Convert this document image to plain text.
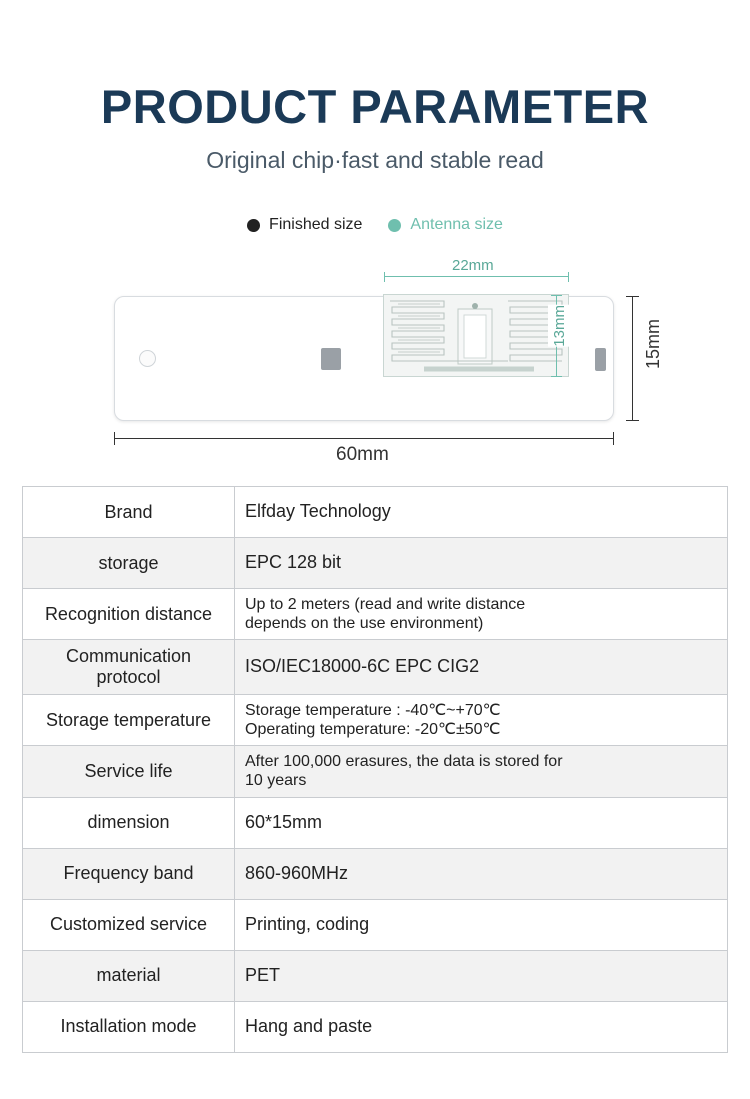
PRODUCT PARAMETER

Original chip·fast and stable read

Finished size	Antenna size
22mm
13mm	15mm
60mm
Brand	Elfday Technology
storage	EPC 128 bit
Recognition distance	Up to 2 meters (read and write distance
depends on the use environment)

Communication protocol	ISO/IEC18000-6C EPC CIG2
Storage temperature	Storage temperature : -40℃~+70℃
Operating temperature: -20℃±50℃

Service life	After 100,000 erasures, the data is stored for
10 years

dimension	60*15mm
Frequency band	860-960MHz
Customized service	Printing, coding
material	PET
Installation mode	Hang and paste
